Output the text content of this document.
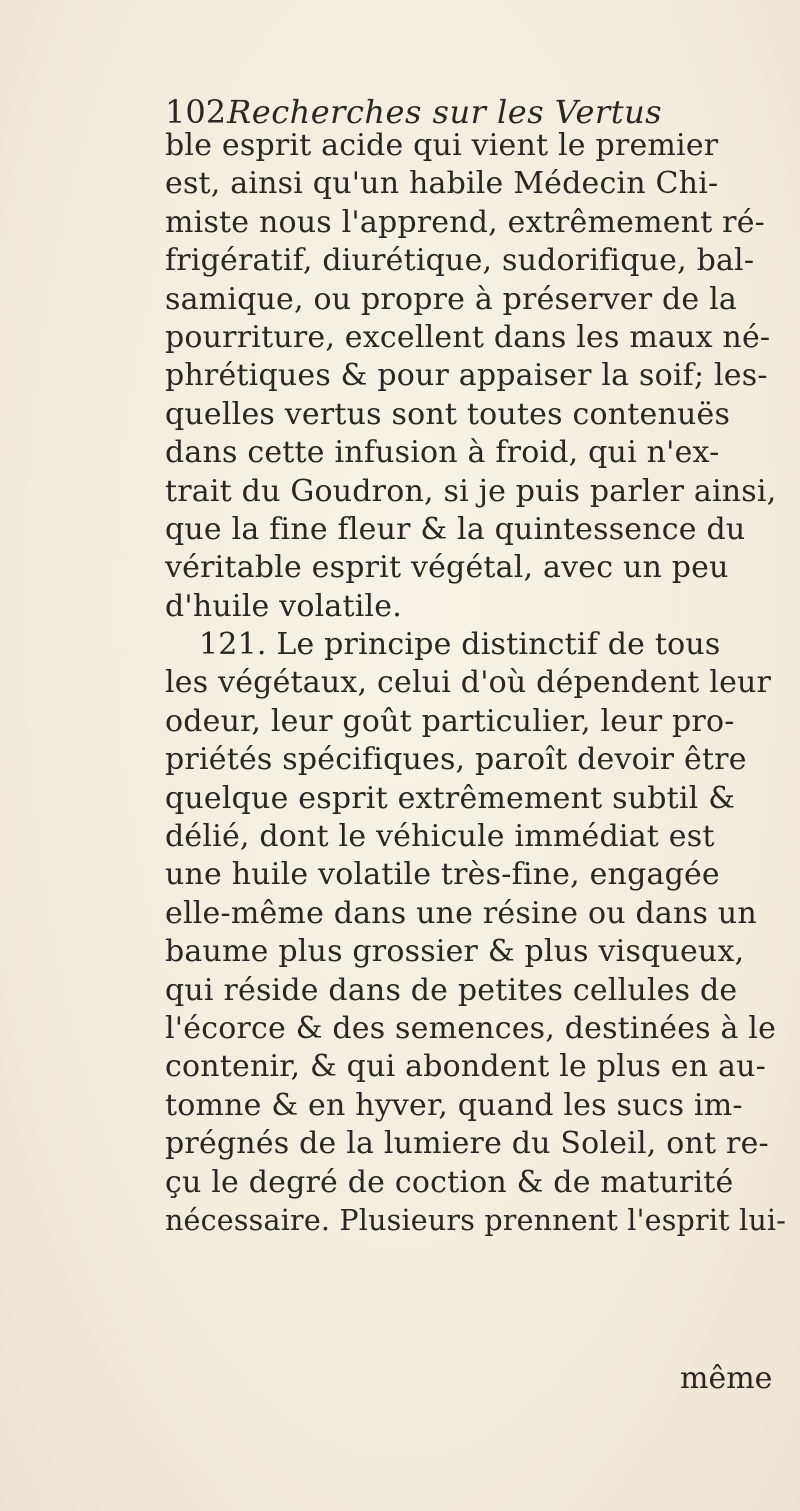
102 Recherches sur les Vertus
ble esprit acide qui vient le premier
est, ainsi qu'un habile Médecin Chi-
miste nous l'apprend, extrêmement ré-
frigératif, diurétique, sudorifique, bal-
samique, ou propre à préserver de la
pourriture, excellent dans les maux né-
phrétiques & pour appaiser la soif; les-
quelles vertus sont toutes contenuës
dans cette infusion à froid, qui n'ex-
trait du Goudron, si je puis parler ainsi,
que la fine fleur & la quintessence du
véritable esprit végétal, avec un peu
d'huile volatile.
121. Le principe distinctif de tous
les végétaux, celui d'où dépendent leur
odeur, leur goût particulier, leur pro-
priétés spécifiques, paroît devoir être
quelque esprit extrêmement subtil &
délié, dont le véhicule immédiat est
une huile volatile très-fine, engagée
elle-même dans une résine ou dans un
baume plus grossier & plus visqueux,
qui réside dans de petites cellules de
l'écorce & des semences, destinées à le
contenir, & qui abondent le plus en au-
tomne & en hyver, quand les sucs im-
prégnés de la lumiere du Soleil, ont re-
çu le degré de coction & de maturité
nécessaire. Plusieurs prennent l'esprit lui-
même
